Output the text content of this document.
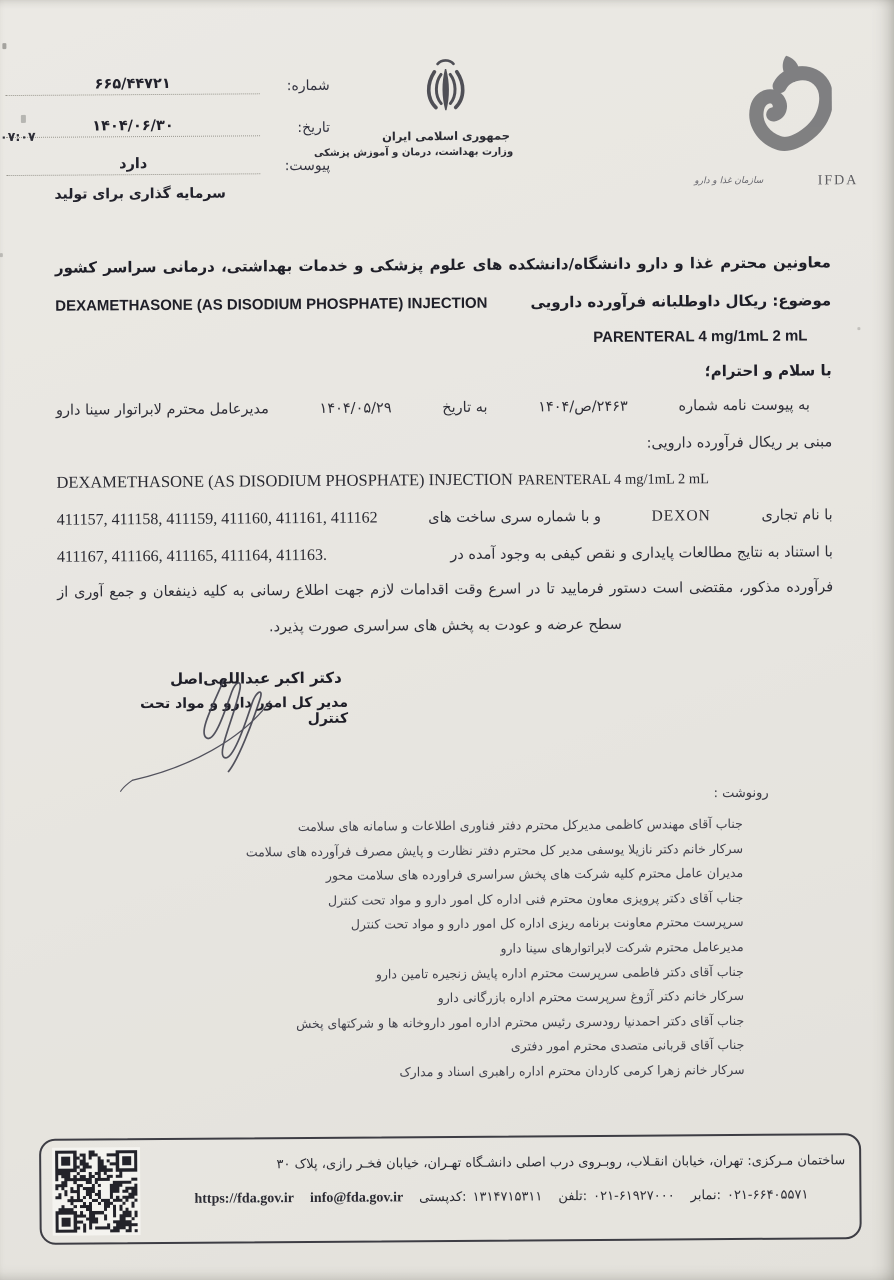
شماره:
۶۶۵/۴۴۷۲۱
تاریخ:
۱۴۰۴/۰۶/۳۰
پیوست:
دارد
۰۷:۰۷
سرمایه گذاری برای تولید
جمهوری اسلامی ایران
وزارت بهداشت، درمان و آموزش پزشکی
IFDA
سازمان غذا و دارو
معاونین محترم غذا و دارو دانشگاه/دانشکده های علوم پزشکی و خدمات بهداشتی، درمانی سراسر کشور
DEXAMETHASONE (AS DISODIUM PHOSPHATE) INJECTION	موضوع: ریکال داوطلبانه فرآورده دارویی
PARENTERAL 4 mg/1mL 2 mL
با سلام و احترام؛
به پیوست نامه شماره
۲۴۶۳/ص/۱۴۰۴
به تاریخ
۱۴۰۴/۰۵/۲۹
مدیرعامل محترم لابراتوار سینا دارو
مبنی بر ریکال فرآورده دارویی:
DEXAMETHASONE (AS DISODIUM PHOSPHATE) INJECTION PARENTERAL 4 mg/1mL 2 mL
با نام تجاری
DEXON
و با شماره سری ساخت های
411157, 411158, 411159, 411160, 411161, 411162
با استناد به نتایج مطالعات پایداری و نقص کیفی به وجود آمده در
411167, 411166, 411165, 411164, 411163.
فرآورده مذکور، مقتضی است دستور فرمایید تا در اسرع وقت اقدامات لازم جهت اطلاع رسانی به کلیه ذینفعان و جمع آوری از
سطح عرضه و عودت به پخش های سراسری صورت پذیرد.
دکتر اکبر عبداللهی‌اصل
مدیر کل امور دارو و مواد تحت کنترل
رونوشت :
جناب آقای مهندس کاظمی مدیرکل محترم دفتر فناوری اطلاعات و سامانه های سلامت
سرکار خانم دکتر نازیلا یوسفی مدیر کل محترم دفتر نظارت و پایش مصرف فرآورده های سلامت
مدیران عامل محترم کلیه شرکت های پخش سراسری فراورده های سلامت محور
جناب آقای دکتر پرویزی معاون محترم فنی اداره کل امور دارو و مواد تحت کنترل
سرپرست محترم معاونت برنامه ریزی اداره کل امور دارو و مواد تحت کنترل
مدیرعامل محترم شرکت لابراتوارهای سینا دارو
جناب آقای دکتر فاطمی سرپرست محترم اداره پایش زنجیره تامین دارو
سرکار خانم دکتر آژوغ سرپرست محترم اداره بازرگانی دارو
جناب آقای دکتر احمدنیا رودسری رئیس محترم اداره امور داروخانه ها و شرکتهای پخش
جناب آقای قربانی متصدی محترم امور دفتری
سرکار خانم زهرا کرمی کاردان محترم اداره راهبری اسناد و مدارک
ساختمان مـرکزی: تهران، خیابان انقـلاب، روبـروی درب اصلی دانشـگاه تهـران، خیابان فخـر رازی، پلاک ۳۰
https://fda.gov.ir info@fda.gov.ir کدپستی: ۱۳۱۴۷۱۵۳۱۱ تلفن: ۰۲۱-۶۱۹۲۷۰۰۰ نمابر: ۰۲۱-۶۶۴۰۵۵۷۱
